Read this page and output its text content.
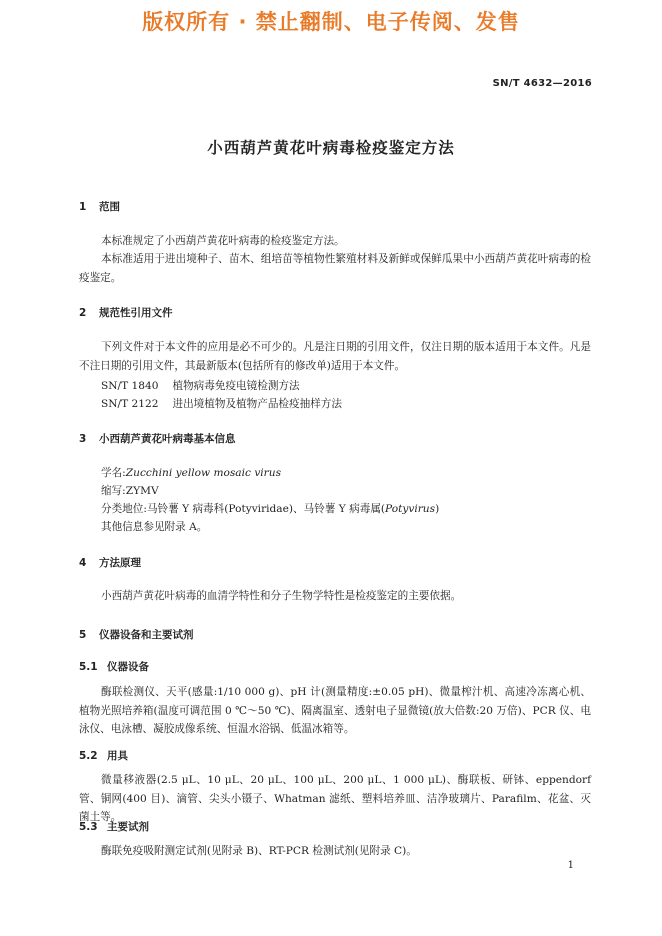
版权所有 · 禁止翻制、电子传阅、发售
SN/T 4632—2016
小西葫芦黄花叶病毒检疫鉴定方法
1 范围

本标准规定了小西葫芦黄花叶病毒的检疫鉴定方法。

本标准适用于进出境种子、苗木、组培苗等植物性繁殖材料及新鲜或保鲜瓜果中小西葫芦黄花叶病毒的检疫鉴定。

2 规范性引用文件

下列文件对于本文件的应用是必不可少的。凡是注日期的引用文件，仅注日期的版本适用于本文件。凡是不注日期的引用文件，其最新版本(包括所有的修改单)适用于本文件。

SN/T 1840 植物病毒免疫电镜检测方法
SN/T 2122 进出境植物及植物产品检疫抽样方法
3 小西葫芦黄花叶病毒基本信息
学名:Zucchini yellow mosaic virus
缩写:ZYMV
分类地位:马铃薯 Y 病毒科(Potyviridae)、马铃薯 Y 病毒属(Potyvirus)
其他信息参见附录 A。
4 方法原理

小西葫芦黄花叶病毒的血清学特性和分子生物学特性是检疫鉴定的主要依据。

5 仪器设备和主要试剂
5.1 仪器设备

酶联检测仪、天平(感量:1/10 000 g)、pH 计(测量精度:±0.05 pH)、微量榨汁机、高速冷冻离心机、植物光照培养箱(温度可调范围 0 ℃～50 ℃)、隔离温室、透射电子显微镜(放大倍数:20 万倍)、PCR 仪、电泳仪、电泳槽、凝胶成像系统、恒温水浴锅、低温冰箱等。

5.2 用具

微量移液器(2.5 μL、10 μL、20 μL、100 μL、200 μL、1 000 μL)、酶联板、研钵、eppendorf 管、铜网(400 目)、滴管、尖头小镊子、Whatman 滤纸、塑料培养皿、洁净玻璃片、Parafilm、花盆、灭菌土等。

5.3 主要试剂

酶联免疫吸附测定试剂(见附录 B)、RT-PCR 检测试剂(见附录 C)。

1
